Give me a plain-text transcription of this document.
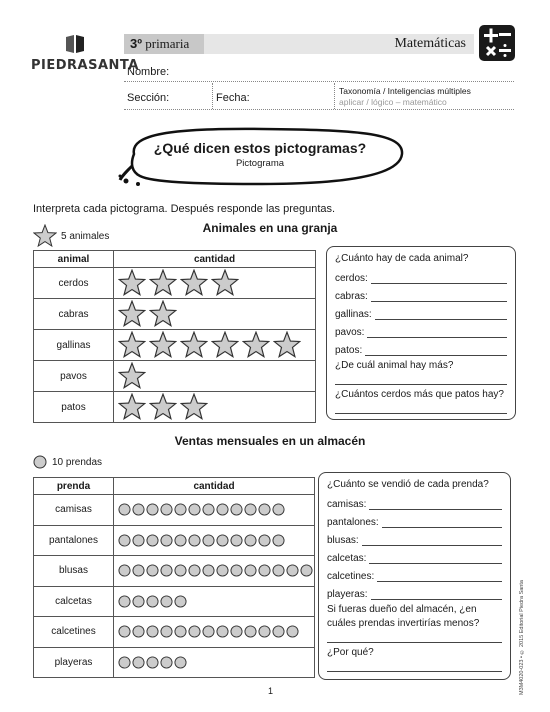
PIEDRASANTA
3º primaria	Matemáticas
Nombre:
Sección:	Fecha:
Taxonomía / Inteligencias múltiples
aplicar / lógico – matemático
¿Qué dicen estos pictogramas?
Pictograma
Interpreta cada pictograma. Después responde las preguntas.
5 animales
Animales en una granja
animal	cantidad
cerdos	
cabras	
gallinas	
pavos	
patos	
¿Cuánto hay de cada animal?
cerdos:
cabras:
gallinas:
pavos:
patos:
¿De cuál animal hay más?
¿Cuántos cerdos más que patos hay?
Ventas mensuales en un almacén
10 prendas
prenda	cantidad
camisas	
pantalones	
blusas	
calcetas	
calcetines	
playeras	
¿Cuánto se vendió de cada prenda?
camisas:
pantalones:
blusas:
calcetas:
calcetines:
playeras:
Si fueras dueño del almacén, ¿en cuáles prendas invertirías menos?
¿Por qué?	M3M4020-023 • © 2015 Editorial Piedra Santa
1
